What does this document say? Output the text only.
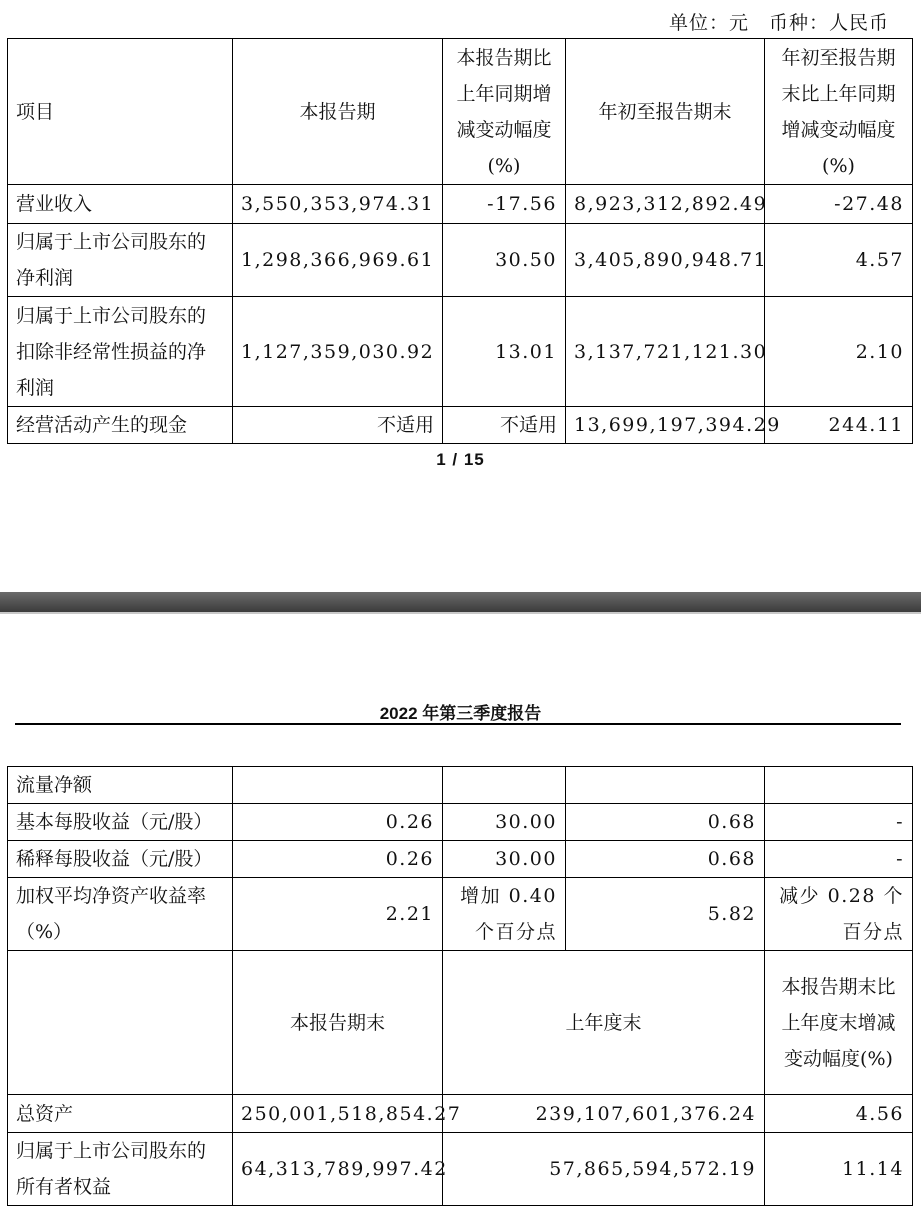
单位：元　币种：人民币
项目	本报告期	本报告期比上年同期增减变动幅度(%)	年初至报告期末	年初至报告期末比上年同期增减变动幅度(%)
营业收入	3,550,353,974.31	-17.56	8,923,312,892.49	-27.48
归属于上市公司股东的净利润	1,298,366,969.61	30.50	3,405,890,948.71	4.57
归属于上市公司股东的扣除非经常性损益的净利润	1,127,359,030.92	13.01	3,137,721,121.30	2.10
经营活动产生的现金	不适用	不适用	13,699,197,394.29	244.11
1 / 15
2022 年第三季度报告
流量净额				
基本每股收益（元/股）	0.26	30.00	0.68	-
稀释每股收益（元/股）	0.26	30.00	0.68	-
加权平均净资产收益率（%）	2.21	增加 0.40 个百分点	5.82	减少 0.28 个百分点
	本报告期末	上年度末		本报告期末比上年度末增减变动幅度(%)
总资产	250,001,518,854.27	239,107,601,376.24		4.56
归属于上市公司股东的所有者权益	64,313,789,997.42	57,865,594,572.19		11.14
